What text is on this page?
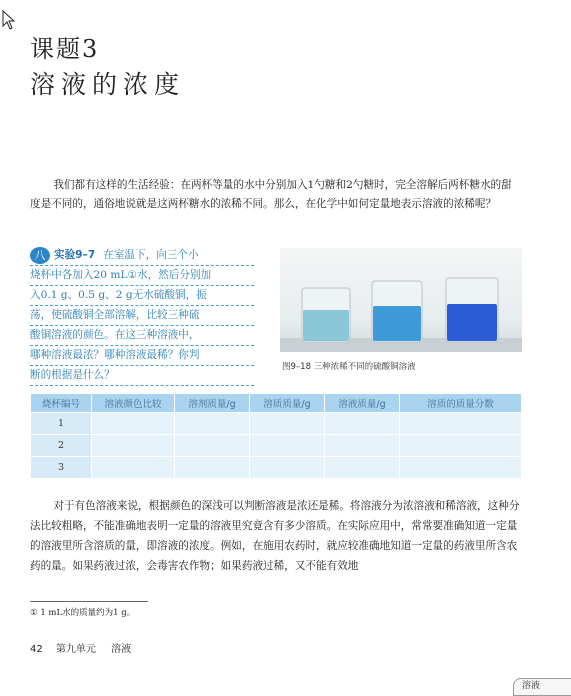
课题3
溶液的浓度

我们都有这样的生活经验：在两杯等量的水中分别加入1勺糖和2勺糖时，完全溶解后两杯糖水的甜度是不同的，通俗地说就是这两杯糖水的浓稀不同。那么，在化学中如何定量地表示溶液的浓稀呢？

八 实验9–7 在室温下，向三个小
烧杯中各加入20 mL①水，然后分别加
入0.1 g、0.5 g、2 g无水硫酸铜，振
荡，使硫酸铜全部溶解，比较三种硫
酸铜溶液的颜色。在这三种溶液中，
哪种溶液最浓？哪种溶液最稀？你判
断的根据是什么？
图9–18 三种浓稀不同的硫酸铜溶液
烧杯编号	溶液颜色比较	溶剂质量/g	溶质质量/g	溶液质量/g	溶质的质量分数
1					
2					
3					

对于有色溶液来说，根据颜色的深浅可以判断溶液是浓还是稀。将溶液分为浓溶液和稀溶液，这种分法比较粗略，不能准确地表明一定量的溶液里究竟含有多少溶质。在实际应用中，常常要准确知道一定量的溶液里所含溶质的量，即溶液的浓度。例如，在施用农药时，就应较准确地知道一定量的药液里所含农药的量。如果药液过浓，会毒害农作物；如果药液过稀，又不能有效地

① 1 mL水的质量约为1 g。
42 第九单元 溶液
溶液
